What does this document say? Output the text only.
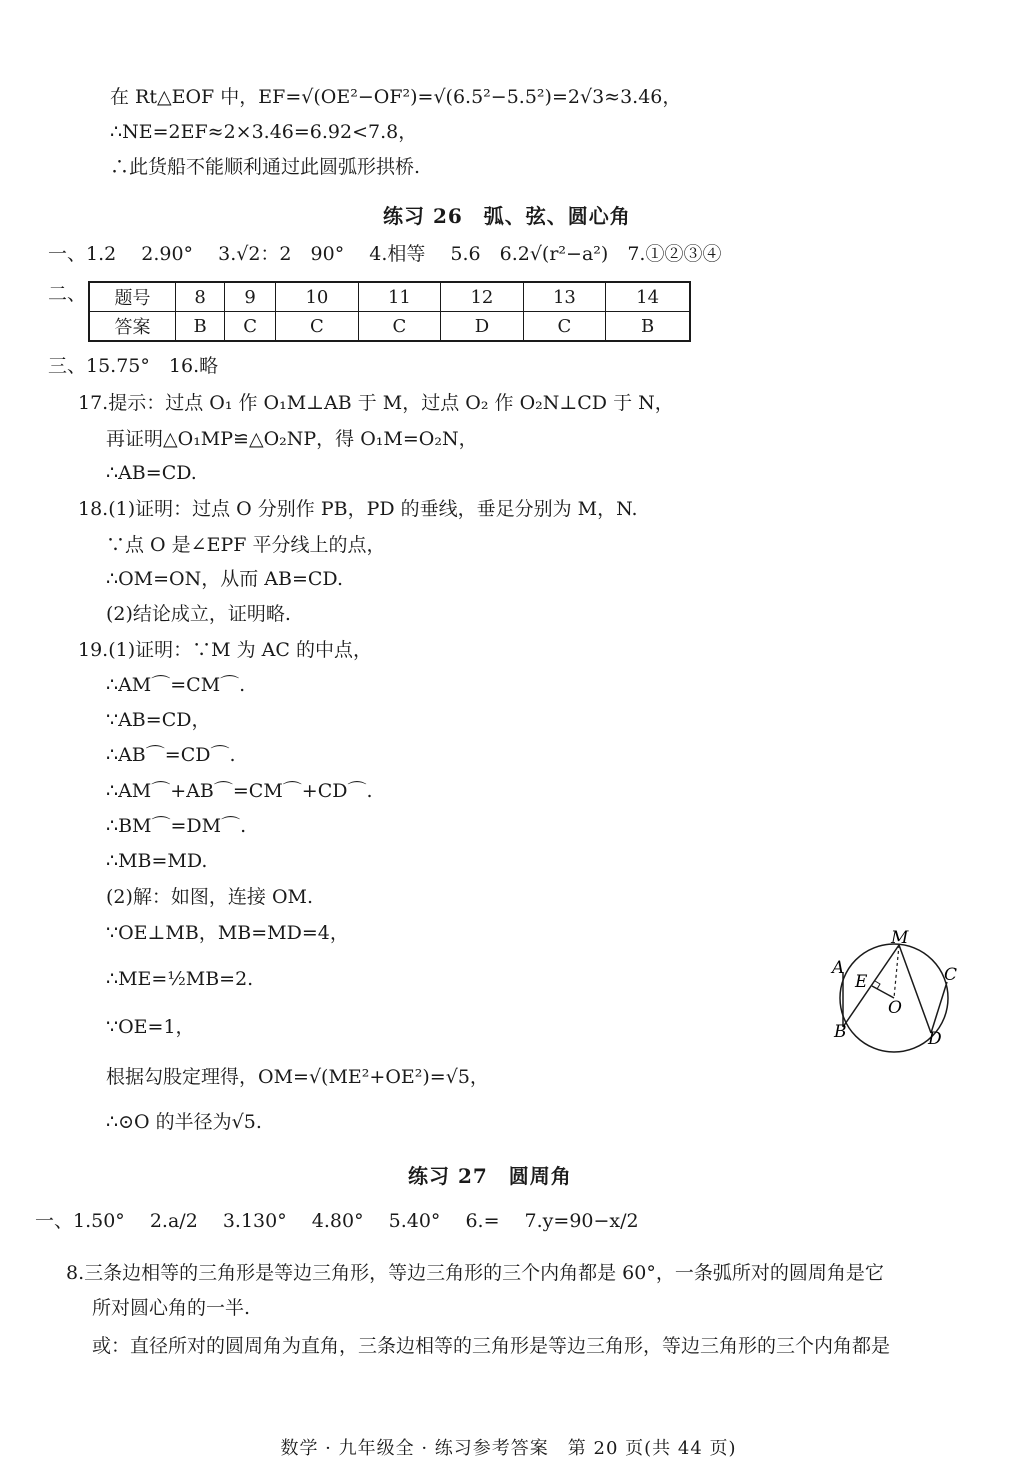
在 Rt△EOF 中，EF=√(OE²−OF²)=√(6.5²−5.5²)=2√3≈3.46，
∴NE=2EF≈2×3.46=6.92<7.8，
∴此货船不能顺利通过此圆弧形拱桥.
练习 26　弧、弦、圆心角
一、1.2　 2.90°　 3.√2：2　90°　 4.相等　 5.6　6.2√(r²−a²)　7.①②③④
二、 题号	8	9	10	11	12	13	14
答案	B	C	C	C	D	C	B
三、15.75°　16.略
17.提示：过点 O₁ 作 O₁M⊥AB 于 M，过点 O₂ 作 O₂N⊥CD 于 N，
再证明△O₁MP≌△O₂NP，得 O₁M=O₂N，
∴AB=CD.
18.(1)证明：过点 O 分别作 PB，PD 的垂线，垂足分别为 M，N.
∵点 O 是∠EPF 平分线上的点，
∴OM=ON，从而 AB=CD.
(2)结论成立，证明略.
19.(1)证明：∵M 为 AC 的中点，
∴AM⌒=CM⌒.
∵AB=CD，
∴AB⌒=CD⌒.
∴AM⌒+AB⌒=CM⌒+CD⌒.
∴BM⌒=DM⌒.
∴MB=MD.
(2)解：如图，连接 OM.
∵OE⊥MB，MB=MD=4，
∴ME=½MB=2.
∵OE=1，
根据勾股定理得，OM=√(ME²+OE²)=√5，
∴⊙O 的半径为√5.
M
A	C
E
O
B	D
练习 27　圆周角
一、1.50°　 2.a/2　 3.130°　 4.80°　 5.40°　 6.=　 7.y=90−x/2
8.三条边相等的三角形是等边三角形，等边三角形的三个内角都是 60°，一条弧所对的圆周角是它
所对圆心角的一半.
或：直径所对的圆周角为直角，三条边相等的三角形是等边三角形，等边三角形的三个内角都是
数学 · 九年级全 · 练习参考答案　第 20 页(共 44 页)
